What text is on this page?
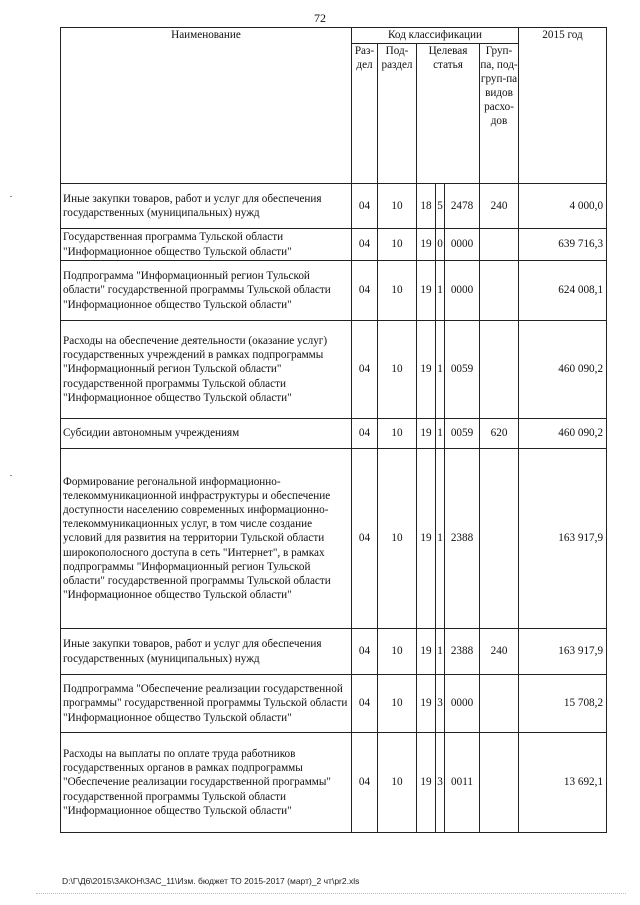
72
Наименование	Код классификации						2015 год
	Раз-дел	Под-раздел	Целевая статья			Груп-па, под-груп-па видов расхо-дов	
Иные закупки товаров, работ и услуг для обеспечения государственных (муниципальных) нужд	04	10	18	5	2478	240	4 000,0
Государственная программа Тульской области "Информационное общество Тульской области"	04	10	19	0	0000		639 716,3
Подпрограмма "Информационный регион Тульской области" государственной программы Тульской области "Информационное общество Тульской области"	04	10	19	1	0000		624 008,1
Расходы на обеспечение деятельности (оказание услуг) государственных учреждений в рамках подпрограммы "Информационный регион Тульской области" государственной программы Тульской области "Информационное общество Тульской области"	04	10	19	1	0059		460 090,2
Субсидии автономным учреждениям	04	10	19	1	0059	620	460 090,2
Формирование регональной информационно-телекоммуникационной инфраструктуры и обеспечение доступности населению современных информационно-телекоммуникационных услуг, в том числе создание условий для развития на территории Тульской области широкополосного доступа в сеть "Интернет", в рамках подпрограммы "Информационный регион Тульской области" государственной программы Тульской области "Информационное общество Тульской области"	04	10	19	1	2388		163 917,9
Иные закупки товаров, работ и услуг для обеспечения государственных (муниципальных) нужд	04	10	19	1	2388	240	163 917,9
Подпрограмма "Обеспечение реализации государственной программы" государственной программы Тульской области "Информационное общество Тульской области"	04	10	19	3	0000		15 708,2
Расходы на выплаты по оплате труда работников государственных органов в рамках подпрограммы "Обеспечение реализации государственной программы" государственной программы Тульской области "Информационное общество Тульской области"	04	10	19	3	0011		13 692,1
D:\Г\Д6\2015\ЗАКОН\ЗАС_11\Изм. бюджет ТО 2015-2017 (март)_2 чт\pr2.xls
